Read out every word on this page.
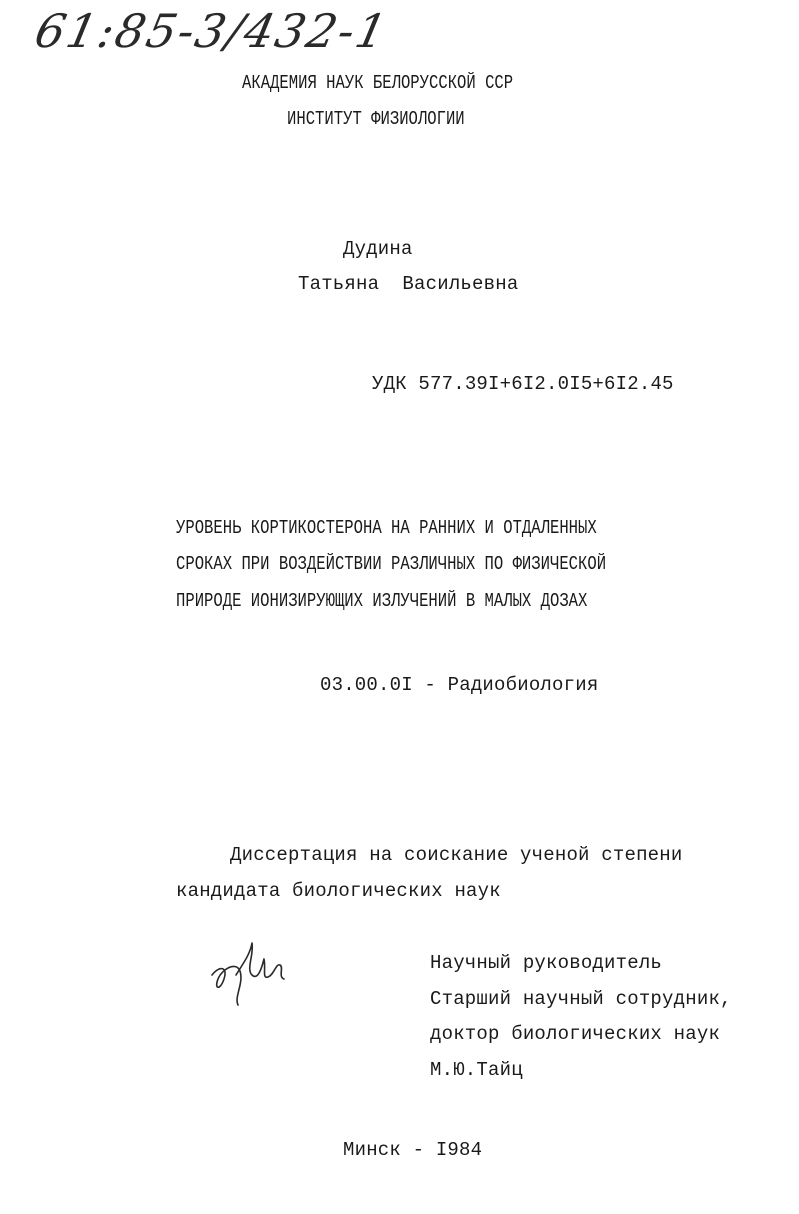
61:85-3/432-1
АКАДЕМИЯ НАУК БЕЛОРУССКОЙ ССР
ИНСТИТУТ ФИЗИОЛОГИИ
Дудина
Татьяна  Васильевна
УДК 577.39I+6I2.0I5+6I2.45
УРОВЕНЬ КОРТИКОСТЕРОНА НА РАННИХ И ОТДАЛЕННЫХ
СРОКАХ ПРИ ВОЗДЕЙСТВИИ РАЗЛИЧНЫХ ПО ФИЗИЧЕСКОЙ
ПРИРОДЕ ИОНИЗИРУЮЩИХ ИЗЛУЧЕНИЙ В МАЛЫХ ДОЗАХ
03.00.0I - Радиобиология
Диссертация на соискание ученой степени
кандидата биологических наук
Научный руководитель
Старший научный сотрудник,
доктор биологических наук
М.Ю.Тайц
Минск - I984
